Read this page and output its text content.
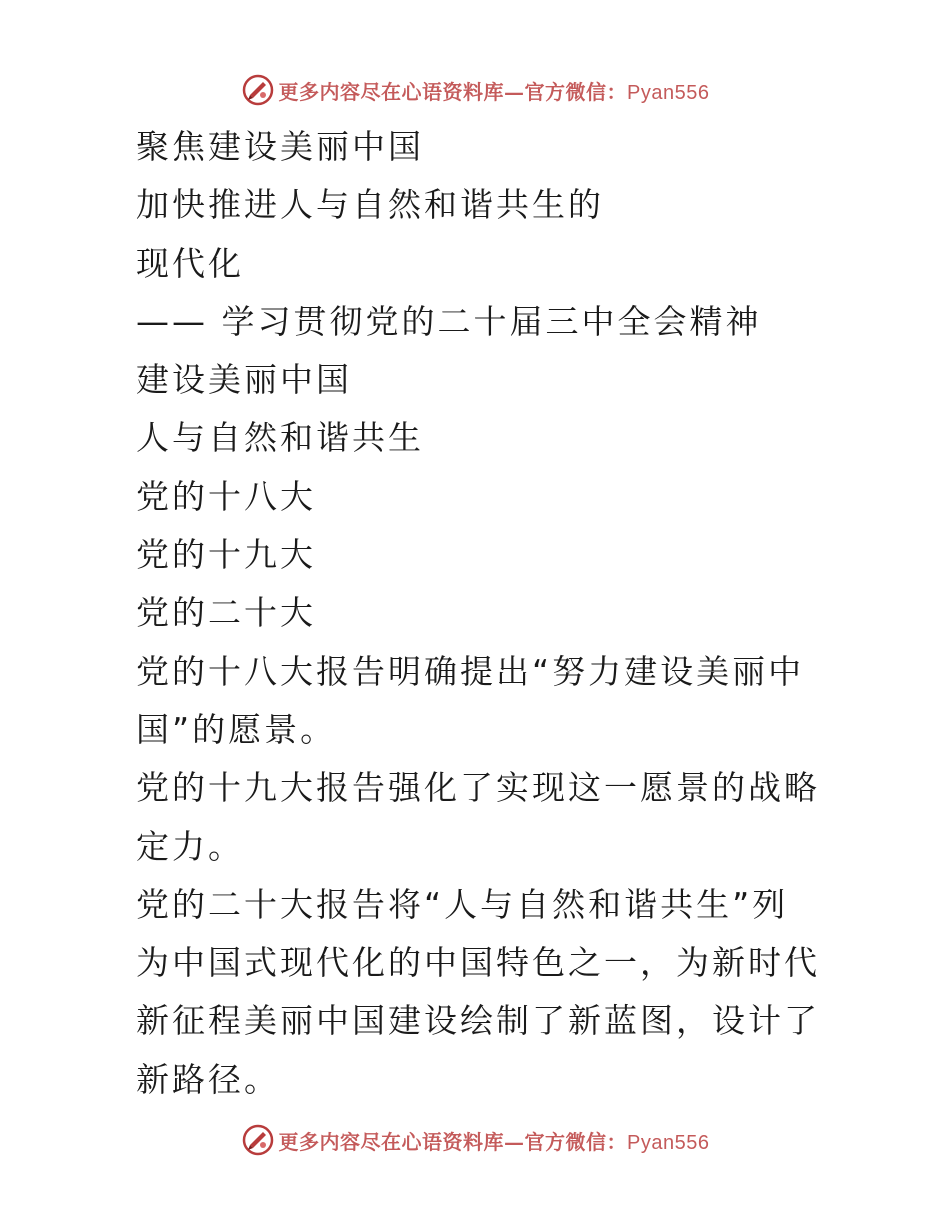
更多内容尽在心语资料库—官方微信：Pyan556

聚焦建设美丽中国

加快推进人与自然和谐共生的

现代化

—— 学习贯彻党的二十届三中全会精神

建设美丽中国

人与自然和谐共生

党的十八大

党的十九大

党的二十大

党的十八大报告明确提出“努力建设美丽中

国”的愿景。

党的十九大报告强化了实现这一愿景的战略

定力。

党的二十大报告将“人与自然和谐共生”列

为中国式现代化的中国特色之一，为新时代

新征程美丽中国建设绘制了新蓝图，设计了

新路径。

更多内容尽在心语资料库—官方微信：Pyan556
